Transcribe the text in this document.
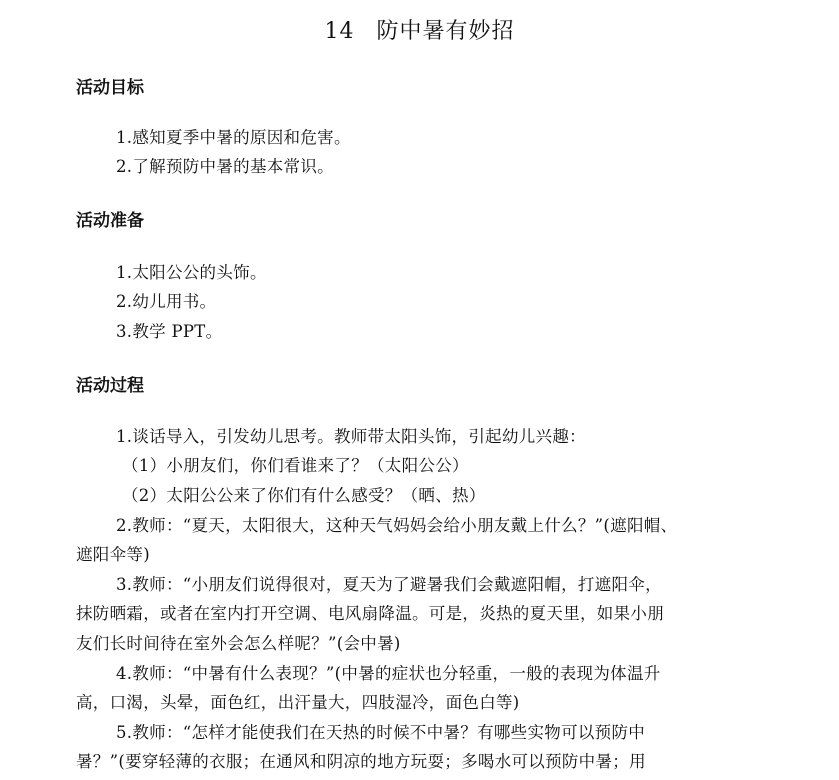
14 防中暑有妙招
活动目标
1.感知夏季中暑的原因和危害。
2.了解预防中暑的基本常识。
活动准备
1.太阳公公的头饰。
2.幼儿用书。
3.教学 PPT。
活动过程
1.谈话导入，引发幼儿思考。教师带太阳头饰，引起幼儿兴趣：
（1）小朋友们，你们看谁来了？（太阳公公）
（2）太阳公公来了你们有什么感受？（晒、热）
2.教师：“夏天，太阳很大，这种天气妈妈会给小朋友戴上什么？”(遮阳帽、
遮阳伞等)
3.教师：“小朋友们说得很对，夏天为了避暑我们会戴遮阳帽，打遮阳伞，
抹防晒霜，或者在室内打开空调、电风扇降温。可是，炎热的夏天里，如果小朋
友们长时间待在室外会怎么样呢？”(会中暑)
4.教师：“中暑有什么表现？”(中暑的症状也分轻重，一般的表现为体温升
高，口渴，头晕，面色红，出汗量大，四肢湿冷，面色白等)
5.教师：“怎样才能使我们在天热的时候不中暑？有哪些实物可以预防中
暑？”(要穿轻薄的衣服；在通风和阴凉的地方玩耍；多喝水可以预防中暑；用
